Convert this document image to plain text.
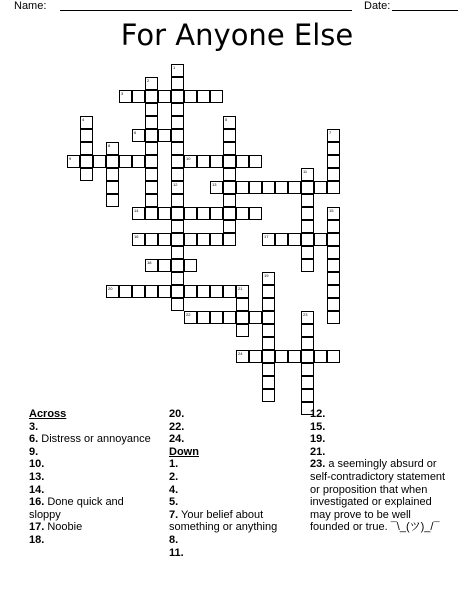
Name:	Date:
For Anyone Else
3
6
9	10
13
14
16	17
18
20
22
24
1
12
2
4
8
5
7
11
15
19
23
21
Across
3.
6. Distress or annoyance
9.
10.
13.
14.
16. Done quick and sloppy
17. Noobie
18.
20.
22.
24.
Down
1.
2.
4.
5.
7. Your belief about something or anything
8.
11.
12.
15.
19.
21.
23. a seemingly absurd or self-contradictory statement or proposition that when investigated or explained may prove to be well founded or true. ¯\_(ツ)_/¯
